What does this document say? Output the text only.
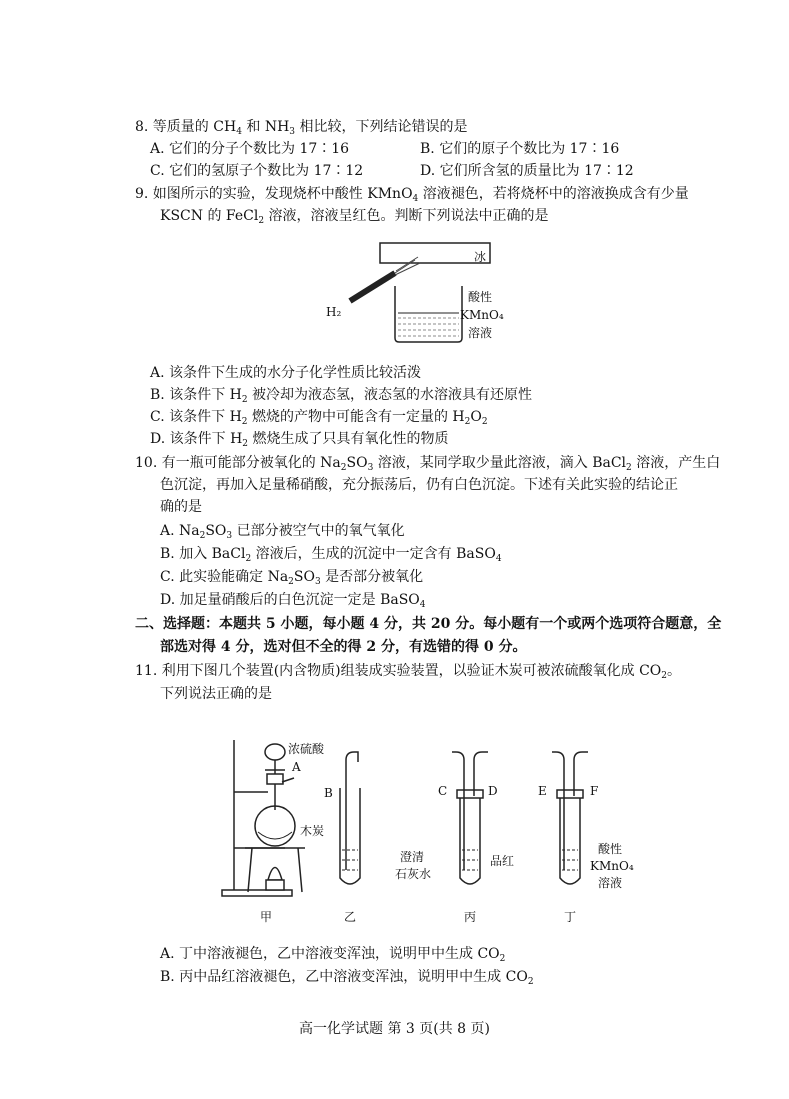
8. 等质量的 $CH_4$ 和 $NH_3$ 相比较，下列结论错误的是
A. 它们的分子个数比为 17∶16	B. 它们的原子个数比为 17∶16
C. 它们的氢原子个数比为 17∶12	D. 它们所含氢的质量比为 17∶12
9. 如图所示的实验，发现烧杯中酸性 KMnO$_4$ 溶液褪色，若将烧杯中的溶液换成含有少量
KSCN 的 FeCl$_2$ 溶液，溶液呈红色。判断下列说法中正确的是
冰
酸性
KMnO₄
溶液
H₂
A. 该条件下生成的水分子化学性质比较活泼
B. 该条件下 $H_2$ 被冷却为液态氢，液态氢的水溶液具有还原性
C. 该条件下 $H_2$ 燃烧的产物中可能含有一定量的 $H_2O_2$
D. 该条件下 $H_2$ 燃烧生成了只具有氧化性的物质
10. 有一瓶可能部分被氧化的 $Na_2SO_3$ 溶液，某同学取少量此溶液，滴入 BaCl$_2$ 溶液，产生白
色沉淀，再加入足量稀硝酸，充分振荡后，仍有白色沉淀。下述有关此实验的结论正
确的是
A. $Na_2SO_3$ 已部分被空气中的氧气氧化
B. 加入 BaCl$_2$ 溶液后，生成的沉淀中一定含有 BaSO$_4$
C. 此实验能确定 $Na_2SO_3$ 是否部分被氧化
D. 加足量硝酸后的白色沉淀一定是 BaSO$_4$
二、选择题：本题共 5 小题，每小题 4 分，共 20 分。每小题有一个或两个选项符合题意，全
部选对得 4 分，选对但不全的得 2 分，有选错的得 0 分。
11. 利用下图几个装置(内含物质)组装成实验装置，以验证木炭可被浓硫酸氧化成 $CO_2$。
下列说法正确的是
浓硫酸
A
木炭
B
澄清
石灰水
C	D
品红
E	F
酸性
KMnO₄
溶液
甲	乙	丙	丁
A. 丁中溶液褪色，乙中溶液变浑浊，说明甲中生成 $CO_2$
B. 丙中品红溶液褪色，乙中溶液变浑浊，说明甲中生成 $CO_2$
高一化学试题 第 3 页(共 8 页)
